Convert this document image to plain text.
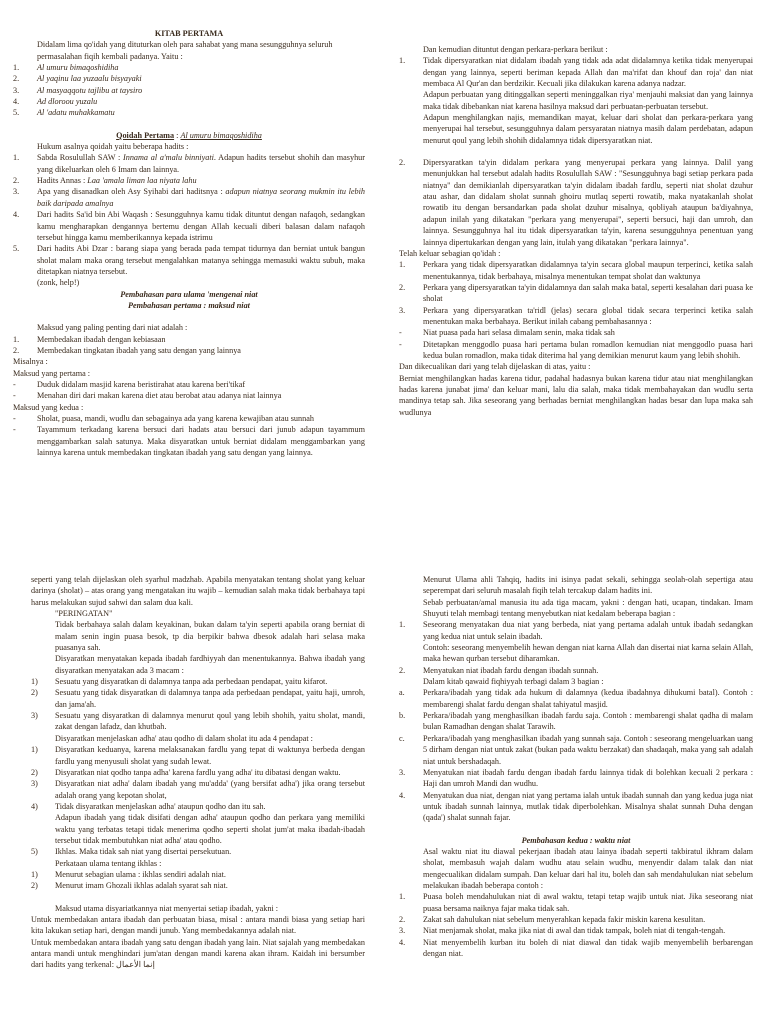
KITAB PERTAMA

Didalam lima qo'idah yang dituturkan oleh para sahabat yang mana sesungguhnya seluruh permasalahan fiqih kembali padanya. Yaitu :

1.	Al umuru bimaqoshidiha
2.	Al yaqinu laa yuzaalu bisyayaki
3.	Al masyaqqotu tajlibu at taysiro
4.	Ad dloroou yuzalu
5.	Al 'adatu muhakkamatu

Qoidah Pertama : Al umuru bimaqoshidiha

Hukum asalnya qoidah yaitu beberapa hadits :

1.	Sabda Rosulullah SAW : Innama al a'malu binniyati. Adapun hadits tersebut shohih dan masyhur yang dikeluarkan oleh 6 Imam dan lainnya.
2.	Hadits Annas : Laa 'amala liman laa niyata lahu
3.	Apa yang disanadkan oleh Asy Syihabi dari haditsnya : adapun niatnya seorang mukmin itu lebih baik daripada amalnya
4.	Dari hadits Sa'id bin Abi Waqash : Sesungguhnya kamu tidak dituntut dengan nafaqoh, sedangkan kamu mengharapkan dengannya bertemu dengan Allah kecuali diberi balasan dalam nafaqoh tersebut hingga kamu memberikannya kepada istrimu
5.	Dari hadits Abi Dzar : barang siapa yang berada pada tempat tidurnya dan berniat untuk bangun sholat malam maka orang tersebut mengalahkan matanya sehingga memasuki waktu subuh, maka ditetapkan niatnya tersebut.

(zonk, help!)

Pembahasan para ulama 'mengenai niat

Pembahasan pertama : maksud niat

Maksud yang paling penting dari niat adalah :

1.	Membedakan ibadah dengan kebiasaan
2.	Membedakan tingkatan ibadah yang satu dengan yang lainnya

Misalnya :

Maksud yang pertama :

-	Duduk didalam masjid karena beristirahat atau karena beri'tikaf
-	Menahan diri dari makan karena diet atau berobat atau adanya niat lainnya

Maksud yang kedua :

-	Sholat, puasa, mandi, wudlu dan sebagainya ada yang karena kewajiban atau sunnah
-	Tayammum terkadang karena bersuci dari hadats atau bersuci dari junub adapun tayammum menggambarkan salah satunya. Maka disyaratkan untuk berniat didalam menggambarkan yang lainnya karena untuk membedakan tingkatan ibadah yang satu dengan yang lainnya.

Dan kemudian dituntut dengan perkara-perkara berikut :

1.	Tidak dipersyaratkan niat didalam ibadah yang tidak ada adat didalamnya ketika tidak menyerupai dengan yang lainnya, seperti beriman kepada Allah dan ma'rifat dan khouf dan roja' dan niat membaca Al Qur'an dan berdzikir. Kecuali jika dilakukan karena adanya nadzar.

Adapun perbuatan yang ditinggalkan seperti meninggalkan riya' menjauhi maksiat dan yang lainnya maka tidak dibebankan niat karena hasilnya maksud dari perbuatan-perbuatan tersebut.

Adapun menghilangkan najis, memandikan mayat, keluar dari sholat dan perkara-perkara yang menyerupai hal tersebut, sesungguhnya dalam persyaratan niatnya masih dalam perdebatan, adapun menurut qoul yang lebih shohih didalamnya tidak dipersyaratkan niat.

2.	Dipersyaratkan ta'yin didalam perkara yang menyerupai perkara yang lainnya. Dalil yang menunjukkan hal tersebut adalah hadits Rosulullah SAW : "Sesungguhnya bagi setiap perkara pada niatnya" dan demikianlah dipersyaratkan ta'yin didalam ibadah fardlu, seperti niat sholat dzuhur atau ashar, dan didalam sholat sunnah ghoiru mutlaq seperti rowatib, maka nyatakanlah sholat rowatib itu dengan bersandarkan pada sholat dzuhur misalnya, qobliyah ataupun ba'diyahnya, adapun inilah yang dikatakan "perkara yang menyerupai", seperti bersuci, haji dan umroh, dan lainnya. Sesungguhnya hal itu tidak dipersyaratkan ta'yin, karena sesungguhnya penentuan yang lainnya dipertukarkan dengan yang lain, itulah yang dikatakan "perkara lainnya".

Telah keluar sebagian qo'idah :

1.	Perkara yang tidak dipersyaratkan didalamnya ta'yin secara global maupun terperinci, ketika salah menentukannya, tidak berbahaya, misalnya menentukan tempat sholat dan waktunya
2.	Perkara yang dipersyaratkan ta'yin didalamnya dan salah maka batal, seperti kesalahan dari puasa ke sholat
3.	Perkara yang dipersyaratkan ta'ridl (jelas) secara global tidak secara terperinci ketika salah menentukan maka berbahaya. Berikut inilah cabang pembahasannya :
-	Niat puasa pada hari selasa dimalam senin, maka tidak sah
-	Ditetapkan menggodlo puasa hari pertama bulan romadlon kemudian niat menggodlo puasa hari kedua bulan romadlon, maka tidak diterima hal yang demikian menurut kaum yang lebih shohih.

Dan dikecualikan dari yang telah dijelaskan di atas, yaitu :

Berniat menghilangkan hadas karena tidur, padahal hadasnya bukan karena tidur atau niat menghilangkan hadas karena junabat jima' dan keluar mani, lalu dia salah, maka tidak membahayakan dan wudlu serta mandinya tetap sah. Jika seseorang yang berhadas berniat menghilangkan hadas besar dan lupa maka sah wudlunya

seperti yang telah dijelaskan oleh syarhul madzhab. Apabila menyatakan tentang sholat yang keluar darinya (sholat) – atas orang yang mengatakan itu wajib – kemudian salah maka tidak berbahaya tapi harus melakukan sujud sahwi dan salam dua kali.

"PERINGATAN"

Tidak berbahaya salah dalam keyakinan, bukan dalam ta'yin seperti apabila orang berniat di malam senin ingin puasa besok, tp dia berpikir bahwa dbesok adalah hari selasa maka puasanya sah.

Disyaratkan menyatakan kepada ibadah fardhiyyah dan menentukannya. Bahwa ibadah yang disyaratkan menyatakan ada 3 macam :

1)	Sesuatu yang disyaratkan di dalamnya tanpa ada perbedaan pendapat, yaitu kifarot.
2)	Sesuatu yang tidak disyaratkan di dalamnya tanpa ada perbedaan pendapat, yaitu haji, umroh, dan jama'ah.
3)	Sesuatu yang disyaratkan di dalamnya menurut qoul yang lebih shohih, yaitu sholat, mandi, zakat dengan lafadz, dan khutbah.

Disyaratkan menjelaskan adha' atau qodho di dalam sholat itu ada 4 pendapat :

1)	Disyaratkan keduanya, karena melaksanakan fardlu yang tepat di waktunya berbeda dengan fardlu yang menyusuli sholat yang sudah lewat.
2)	Disyaratkan niat qodho tanpa adha' karena fardlu yang adha' itu dibatasi dengan waktu.
3)	Disyaratkan niat adha' dalam ibadah yang mu'adda' (yang bersifat adha') jika orang tersebut adalah orang yang kepotan sholat,
4)	Tidak disyaratkan menjelaskan adha' ataupun qodho dan itu sah.

Adapun ibadah yang tidak disifati dengan adha' ataupun qodho dan perkara yang memiliki waktu yang terbatas tetapi tidak menerima qodho seperti sholat jum'at maka ibadah-ibadah tersebut tidak membutuhkan niat adha' atau qodho.

5)	Ikhlas. Maka tidak sah niat yang disertai persekutuan.

Perkataan ulama tentang ikhlas :

1)	Menurut sebagian ulama : ikhlas sendiri adalah niat.
2)	Menurut imam Ghozali ikhlas adalah syarat sah niat.

Maksud utama disyariatkannya niat menyertai setiap ibadah, yakni :

Untuk membedakan antara ibadah dan perbuatan biasa, misal : antara mandi biasa yang setiap hari kita lakukan setiap hari, dengan mandi junub. Yang membedakannya adalah niat.

Untuk membedakan antara ibadah yang satu dengan ibadah yang lain. Niat sajalah yang membedakan antara mandi untuk menghindari jum'atan dengan mandi karena akan ihram. Kaidah ini bersumber dari hadits yang terkenal: إنما الأعمال

Menurut Ulama ahli Tahqiq, hadits ini isinya padat sekali, sehingga seolah-olah sepertiga atau seperempat dari seluruh masalah fiqih telah tercakup dalam hadits ini.

Sebab perbuatan/amal manusia itu ada tiga macam, yakni : dengan hati, ucapan, tindakan. Imam Shuyuti telah membagi tentang menyebutkan niat kedalam beberapa bagian :

1.	Seseorang menyatakan dua niat yang berbeda, niat yang pertama adalah untuk ibadah sedangkan yang kedua niat untuk selain ibadah.

Contoh: seseorang menyembelih hewan dengan niat karna Allah dan disertai niat karna selain Allah, maka hewan qurban tersebut diharamkan.

2.	Menyatukan niat ibadah fardu dengan ibadah sunnah.

Dalam kitab qawaid fiqhiyyah terbagi dalam 3 bagian :

a.	Perkara/ibadah yang tidak ada hukum di dalamnya (kedua ibadahnya dihukumi batal). Contoh : membarengi shalat fardu dengan shalat tahiyatul masjid.
b.	Perkara/ibadah yang menghasilkan ibadah fardu saja. Contoh : membarengi shalat qadha di malam bulan Ramadhan dengan shalat Tarawih.
c.	Perkara/ibadah yang menghasilkan ibadah yang sunnah saja. Contoh : seseorang mengeluarkan uang 5 dirham dengan niat untuk zakat (bukan pada waktu berzakat) dan shadaqah, maka yang sah adalah niat untuk bershadaqah.
3.	Menyatukan niat ibadah fardu dengan ibadah fardu lainnya tidak di bolehkan kecuali 2 perkara : Haji dan umroh Mandi dan wudhu.
4.	Menyatukan dua niat, dengan niat yang pertama ialah untuk ibadah sunnah dan yang kedua juga niat untuk ibadah sunnah lainnya, mutlak tidak diperbolehkan. Misalnya shalat sunnah Duha dengan (qada') shalat sunnah fajar.

Pembahasan kedua : waktu niat

Asal waktu niat itu diawal pekerjaan ibadah atau lainya ibadah seperti takbiratul ikhram dalam sholat, membasuh wajah dalam wudhu atau selain wudhu, menyendir dalam talak dan niat mengecualikan didalam sumpah. Dan keluar dari hal itu, boleh dan sah mendahulukan niat sebelum melakukan ibadah beberapa contoh :

1.	Puasa boleh mendahulukan niat di awal waktu, tetapi tetap wajib untuk niat. Jika seseorang niat puasa bersama naiknya fajar maka tidak sah.
2.	Zakat sah dahulukan niat sebelum menyerahkan kepada fakir miskin karena kesulitan.
3.	Niat menjamak sholat, maka jika niat di awal dan tidak tampak, boleh niat di tengah-tengah.
4.	Niat menyembelih kurban itu boleh di niat diawal dan tidak wajib menyembelih berbarengan dengan niat.
